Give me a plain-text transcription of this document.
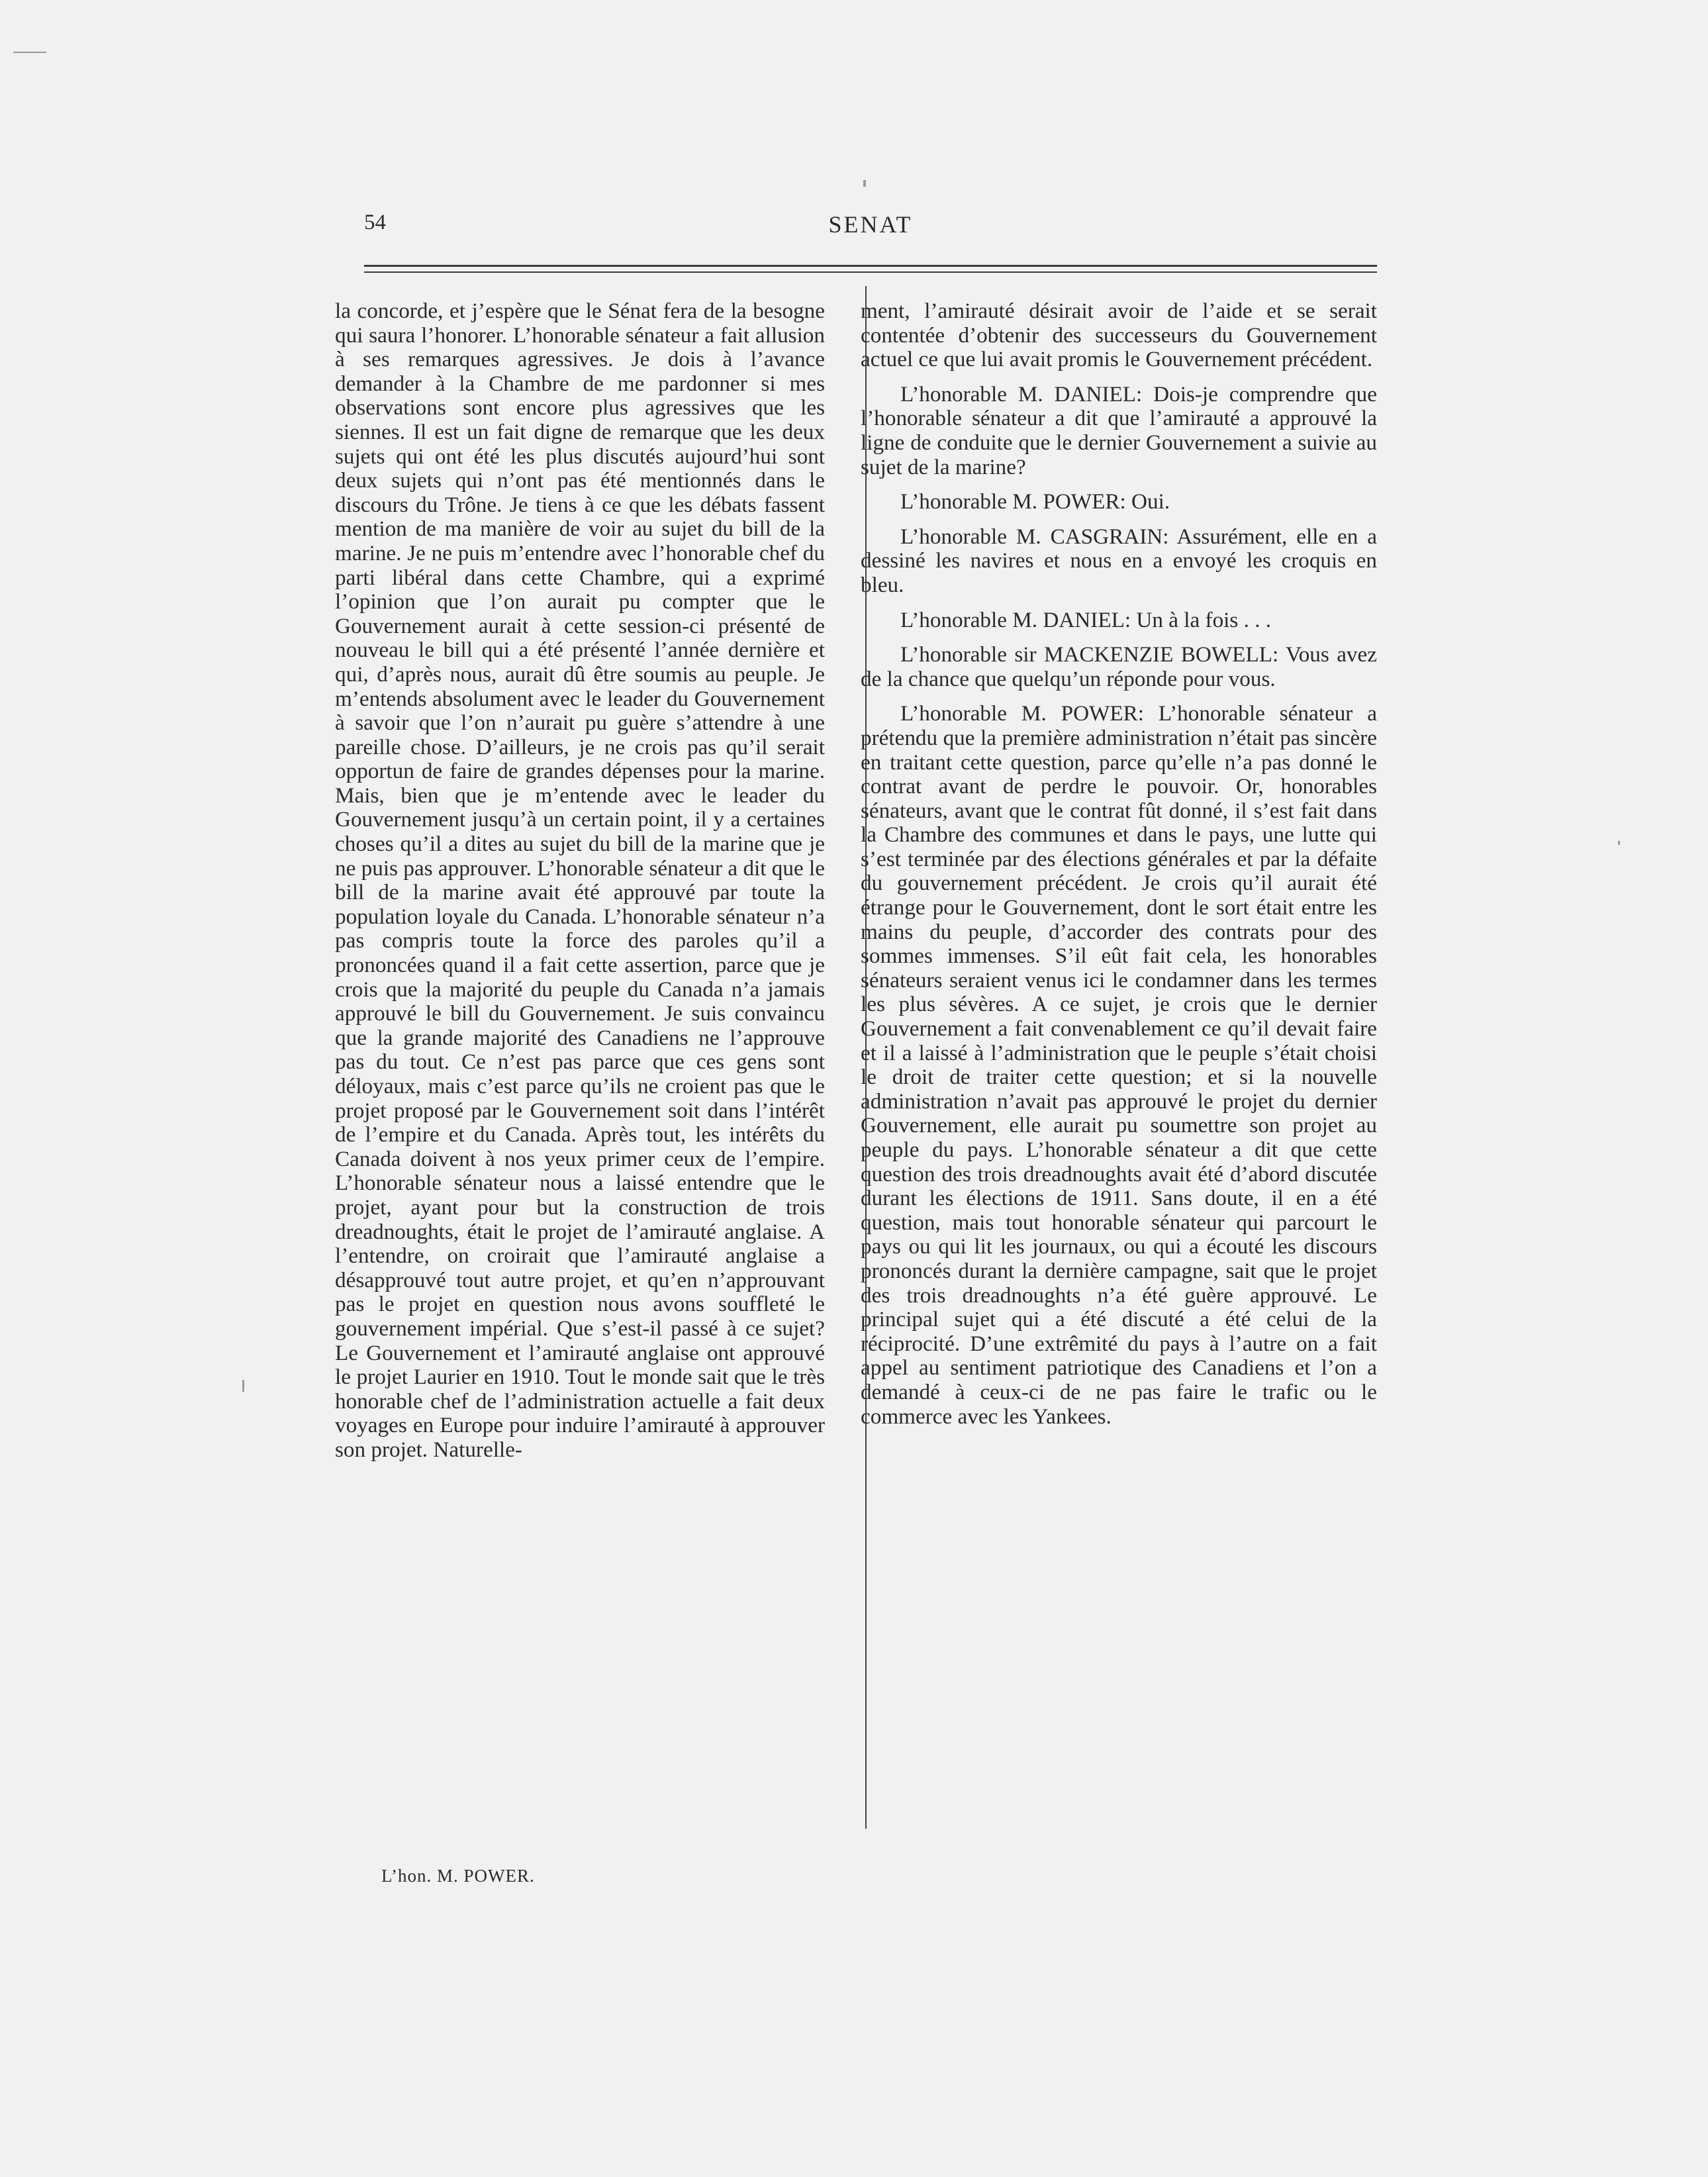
54	SENAT

la concorde, et j’espère que le Sénat fera de la besogne qui saura l’honorer. L’honorable sénateur a fait allusion à ses remarques agressives. Je dois à l’avance demander à la Chambre de me pardonner si mes observations sont encore plus agressives que les siennes. Il est un fait digne de remarque que les deux sujets qui ont été les plus discutés aujourd’hui sont deux sujets qui n’ont pas été mentionnés dans le discours du Trône. Je tiens à ce que les débats fassent mention de ma manière de voir au sujet du bill de la marine. Je ne puis m’entendre avec l’honorable chef du parti libéral dans cette Chambre, qui a exprimé l’opinion que l’on aurait pu compter que le Gouvernement aurait à cette session-ci présenté de nouveau le bill qui a été présenté l’année dernière et qui, d’après nous, aurait dû être soumis au peuple. Je m’entends absolument avec le leader du Gouvernement à savoir que l’on n’aurait pu guère s’attendre à une pareille chose. D’ailleurs, je ne crois pas qu’il serait opportun de faire de grandes dépenses pour la marine. Mais, bien que je m’entende avec le leader du Gouvernement jusqu’à un certain point, il y a certaines choses qu’il a dites au sujet du bill de la marine que je ne puis pas approuver. L’honorable sénateur a dit que le bill de la marine avait été approuvé par toute la population loyale du Canada. L’honorable sénateur n’a pas compris toute la force des paroles qu’il a prononcées quand il a fait cette assertion, parce que je crois que la majorité du peuple du Canada n’a jamais approuvé le bill du Gouvernement. Je suis convaincu que la grande majorité des Canadiens ne l’approuve pas du tout. Ce n’est pas parce que ces gens sont déloyaux, mais c’est parce qu’ils ne croient pas que le projet proposé par le Gouvernement soit dans l’intérêt de l’empire et du Canada. Après tout, les intérêts du Canada doivent à nos yeux primer ceux de l’empire. L’honorable sénateur nous a laissé entendre que le projet, ayant pour but la construction de trois dreadnoughts, était le projet de l’amirauté anglaise. A l’entendre, on croirait que l’amirauté anglaise a désapprouvé tout autre projet, et qu’en n’approuvant pas le projet en question nous avons souffleté le gouvernement impérial. Que s’est-il passé à ce sujet? Le Gouvernement et l’amirauté anglaise ont approuvé le projet Laurier en 1910. Tout le monde sait que le très honorable chef de l’administration actuelle a fait deux voyages en Europe pour induire l’amirauté à approuver son projet. Naturelle-

ment, l’amirauté désirait avoir de l’aide et se serait contentée d’obtenir des successeurs du Gouvernement actuel ce que lui avait promis le Gouvernement précédent.

L’honorable M. DANIEL: Dois-je comprendre que l’honorable sénateur a dit que l’amirauté a approuvé la ligne de conduite que le dernier Gouvernement a suivie au sujet de la marine?

L’honorable M. POWER: Oui.

L’honorable M. CASGRAIN: Assurément, elle en a dessiné les navires et nous en a envoyé les croquis en bleu.

L’honorable M. DANIEL: Un à la fois . . .

L’honorable sir MACKENZIE BOWELL: Vous avez de la chance que quelqu’un réponde pour vous.

L’honorable M. POWER: L’honorable sénateur a prétendu que la première administration n’était pas sincère en traitant cette question, parce qu’elle n’a pas donné le contrat avant de perdre le pouvoir. Or, honorables sénateurs, avant que le contrat fût donné, il s’est fait dans la Chambre des communes et dans le pays, une lutte qui s’est terminée par des élections générales et par la défaite du gouvernement précédent. Je crois qu’il aurait été étrange pour le Gouvernement, dont le sort était entre les mains du peuple, d’accorder des contrats pour des sommes immenses. S’il eût fait cela, les honorables sénateurs seraient venus ici le condamner dans les termes les plus sévères. A ce sujet, je crois que le dernier Gouvernement a fait convenablement ce qu’il devait faire et il a laissé à l’administration que le peuple s’était choisi le droit de traiter cette question; et si la nouvelle administration n’avait pas approuvé le projet du dernier Gouvernement, elle aurait pu soumettre son projet au peuple du pays. L’honorable sénateur a dit que cette question des trois dreadnoughts avait été d’abord discutée durant les élections de 1911. Sans doute, il en a été question, mais tout honorable sénateur qui parcourt le pays ou qui lit les journaux, ou qui a écouté les discours prononcés durant la dernière campagne, sait que le projet des trois dreadnoughts n’a été guère approuvé. Le principal sujet qui a été discuté a été celui de la réciprocité. D’une extrêmité du pays à l’autre on a fait appel au sentiment patriotique des Canadiens et l’on a demandé à ceux-ci de ne pas faire le trafic ou le commerce avec les Yankees.

L’hon. M. POWER.
